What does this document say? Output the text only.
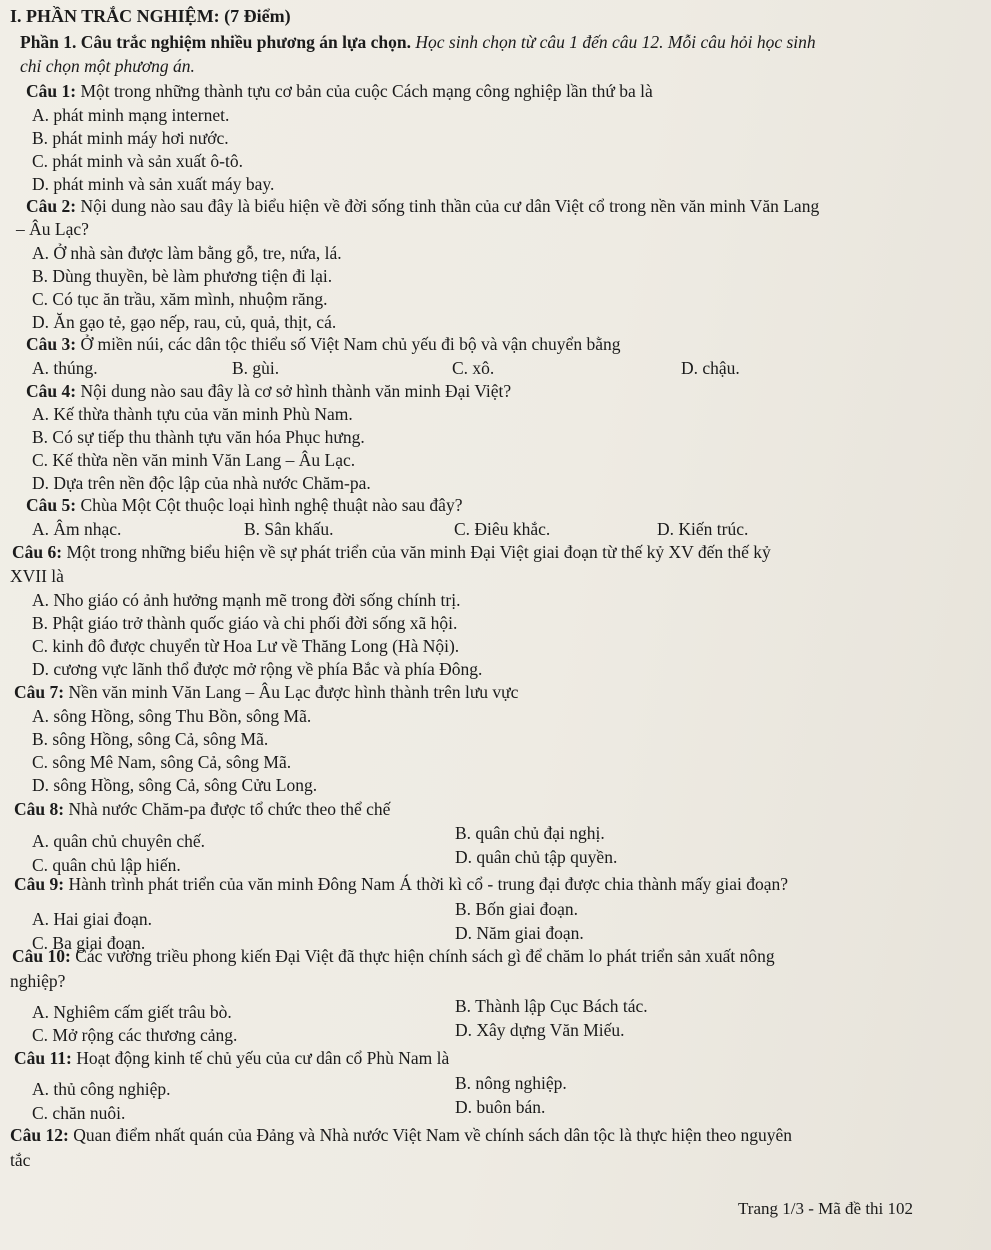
I. PHẦN TRẮC NGHIỆM: (7 Điểm)
Phần 1. Câu trắc nghiệm nhiều phương án lựa chọn. Học sinh chọn từ câu 1 đến câu 12. Mỗi câu hỏi học sinh
chỉ chọn một phương án.
Câu 1: Một trong những thành tựu cơ bản của cuộc Cách mạng công nghiệp lần thứ ba là
A. phát minh mạng internet.
B. phát minh máy hơi nước.
C. phát minh và sản xuất ô-tô.
D. phát minh và sản xuất máy bay.
Câu 2: Nội dung nào sau đây là biểu hiện về đời sống tinh thần của cư dân Việt cổ trong nền văn minh Văn Lang
– Âu Lạc?
A. Ở nhà sàn được làm bằng gỗ, tre, nứa, lá.
B. Dùng thuyền, bè làm phương tiện đi lại.
C. Có tục ăn trầu, xăm mình, nhuộm răng.
D. Ăn gạo tẻ, gạo nếp, rau, củ, quả, thịt, cá.
Câu 3: Ở miền núi, các dân tộc thiểu số Việt Nam chủ yếu đi bộ và vận chuyển bằng
A. thúng.	B. gùi.	C. xô.	D. chậu.
Câu 4: Nội dung nào sau đây là cơ sở hình thành văn minh Đại Việt?
A. Kế thừa thành tựu của văn minh Phù Nam.
B. Có sự tiếp thu thành tựu văn hóa Phục hưng.
C. Kế thừa nền văn minh Văn Lang – Âu Lạc.
D. Dựa trên nền độc lập của nhà nước Chăm-pa.
Câu 5: Chùa Một Cột thuộc loại hình nghệ thuật nào sau đây?
A. Âm nhạc.	B. Sân khấu.	C. Điêu khắc.	D. Kiến trúc.
Câu 6: Một trong những biểu hiện về sự phát triển của văn minh Đại Việt giai đoạn từ thế kỷ XV đến thế kỷ
XVII là
A. Nho giáo có ảnh hưởng mạnh mẽ trong đời sống chính trị.
B. Phật giáo trở thành quốc giáo và chi phối đời sống xã hội.
C. kinh đô được chuyển từ Hoa Lư về Thăng Long (Hà Nội).
D. cương vực lãnh thổ được mở rộng về phía Bắc và phía Đông.
Câu 7: Nền văn minh Văn Lang – Âu Lạc được hình thành trên lưu vực
A. sông Hồng, sông Thu Bồn, sông Mã.
B. sông Hồng, sông Cả, sông Mã.
C. sông Mê Nam, sông Cả, sông Mã.
D. sông Hồng, sông Cả, sông Cửu Long.
Câu 8: Nhà nước Chăm-pa được tổ chức theo thể chế
A. quân chủ chuyên chế.	B. quân chủ đại nghị.
C. quân chủ lập hiến.	D. quân chủ tập quyền.
Câu 9: Hành trình phát triển của văn minh Đông Nam Á thời kì cổ - trung đại được chia thành mấy giai đoạn?
A. Hai giai đoạn.	B. Bốn giai đoạn.
C. Ba giai đoạn.	D. Năm giai đoạn.
Câu 10: Các vương triều phong kiến Đại Việt đã thực hiện chính sách gì để chăm lo phát triển sản xuất nông
nghiệp?
A. Nghiêm cấm giết trâu bò.	B. Thành lập Cục Bách tác.
C. Mở rộng các thương cảng.	D. Xây dựng Văn Miếu.
Câu 11: Hoạt động kinh tế chủ yếu của cư dân cổ Phù Nam là
A. thủ công nghiệp.	B. nông nghiệp.
C. chăn nuôi.	D. buôn bán.
Câu 12: Quan điểm nhất quán của Đảng và Nhà nước Việt Nam về chính sách dân tộc là thực hiện theo nguyên
tắc
Trang 1/3 - Mã đề thi 102
